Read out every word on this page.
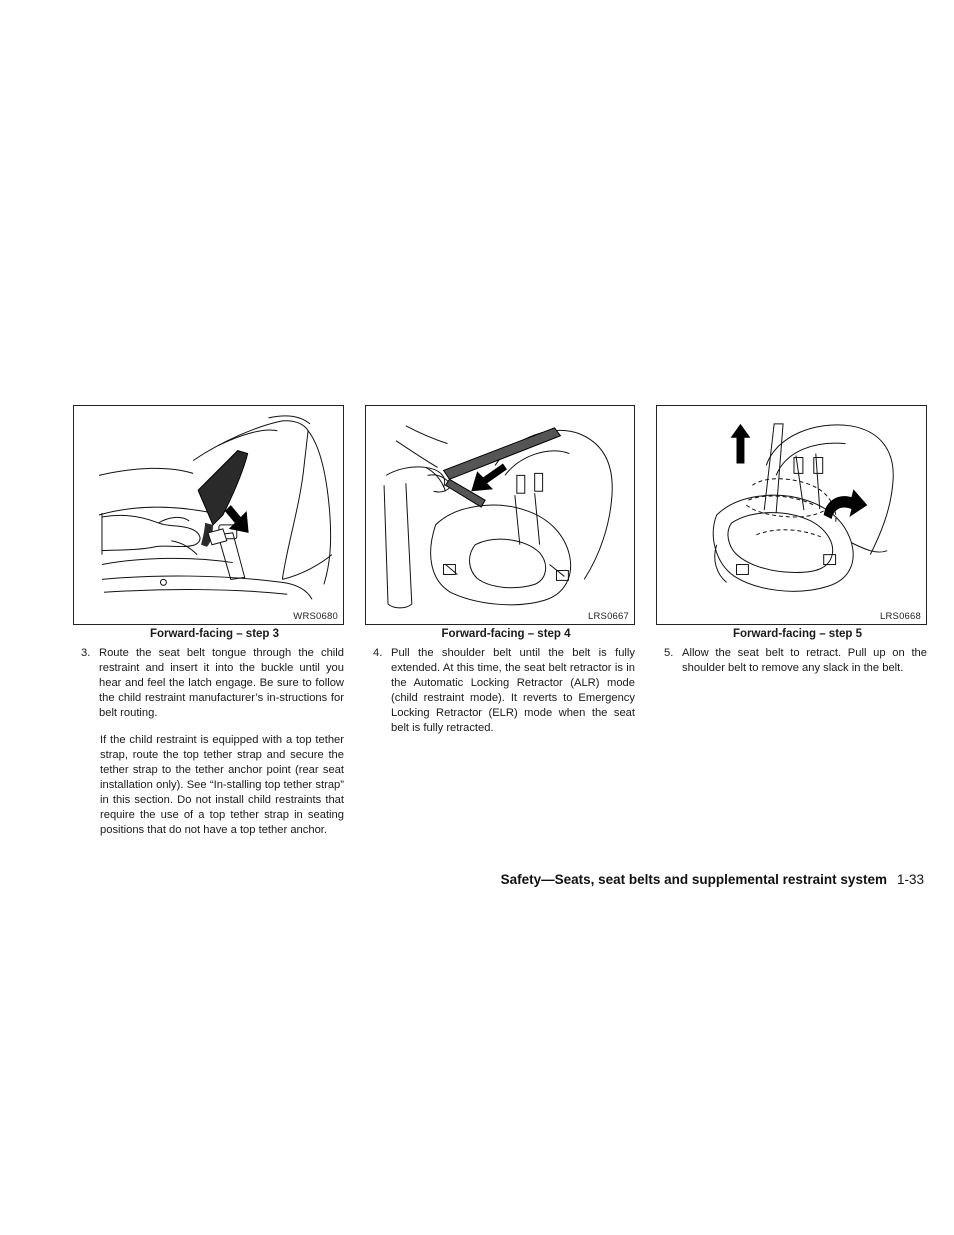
WRS0680
Forward-facing – step 3
3. Route the seat belt tongue through the child restraint and insert it into the buckle until you hear and feel the latch engage. Be sure to follow the child restraint manufacturer’s in-structions for belt routing.
If the child restraint is equipped with a top tether strap, route the top tether strap and secure the tether strap to the tether anchor point (rear seat installation only). See “In-stalling top tether strap” in this section. Do not install child restraints that require the use of a top tether strap in seating positions that do not have a top tether anchor.
LRS0667
Forward-facing – step 4
4. Pull the shoulder belt until the belt is fully extended. At this time, the seat belt retractor is in the Automatic Locking Retractor (ALR) mode (child restraint mode). It reverts to Emergency Locking Retractor (ELR) mode when the seat belt is fully retracted.
LRS0668
Forward-facing – step 5
5. Allow the seat belt to retract. Pull up on the shoulder belt to remove any slack in the belt.
Safety—Seats, seat belts and supplemental restraint system 1-33
